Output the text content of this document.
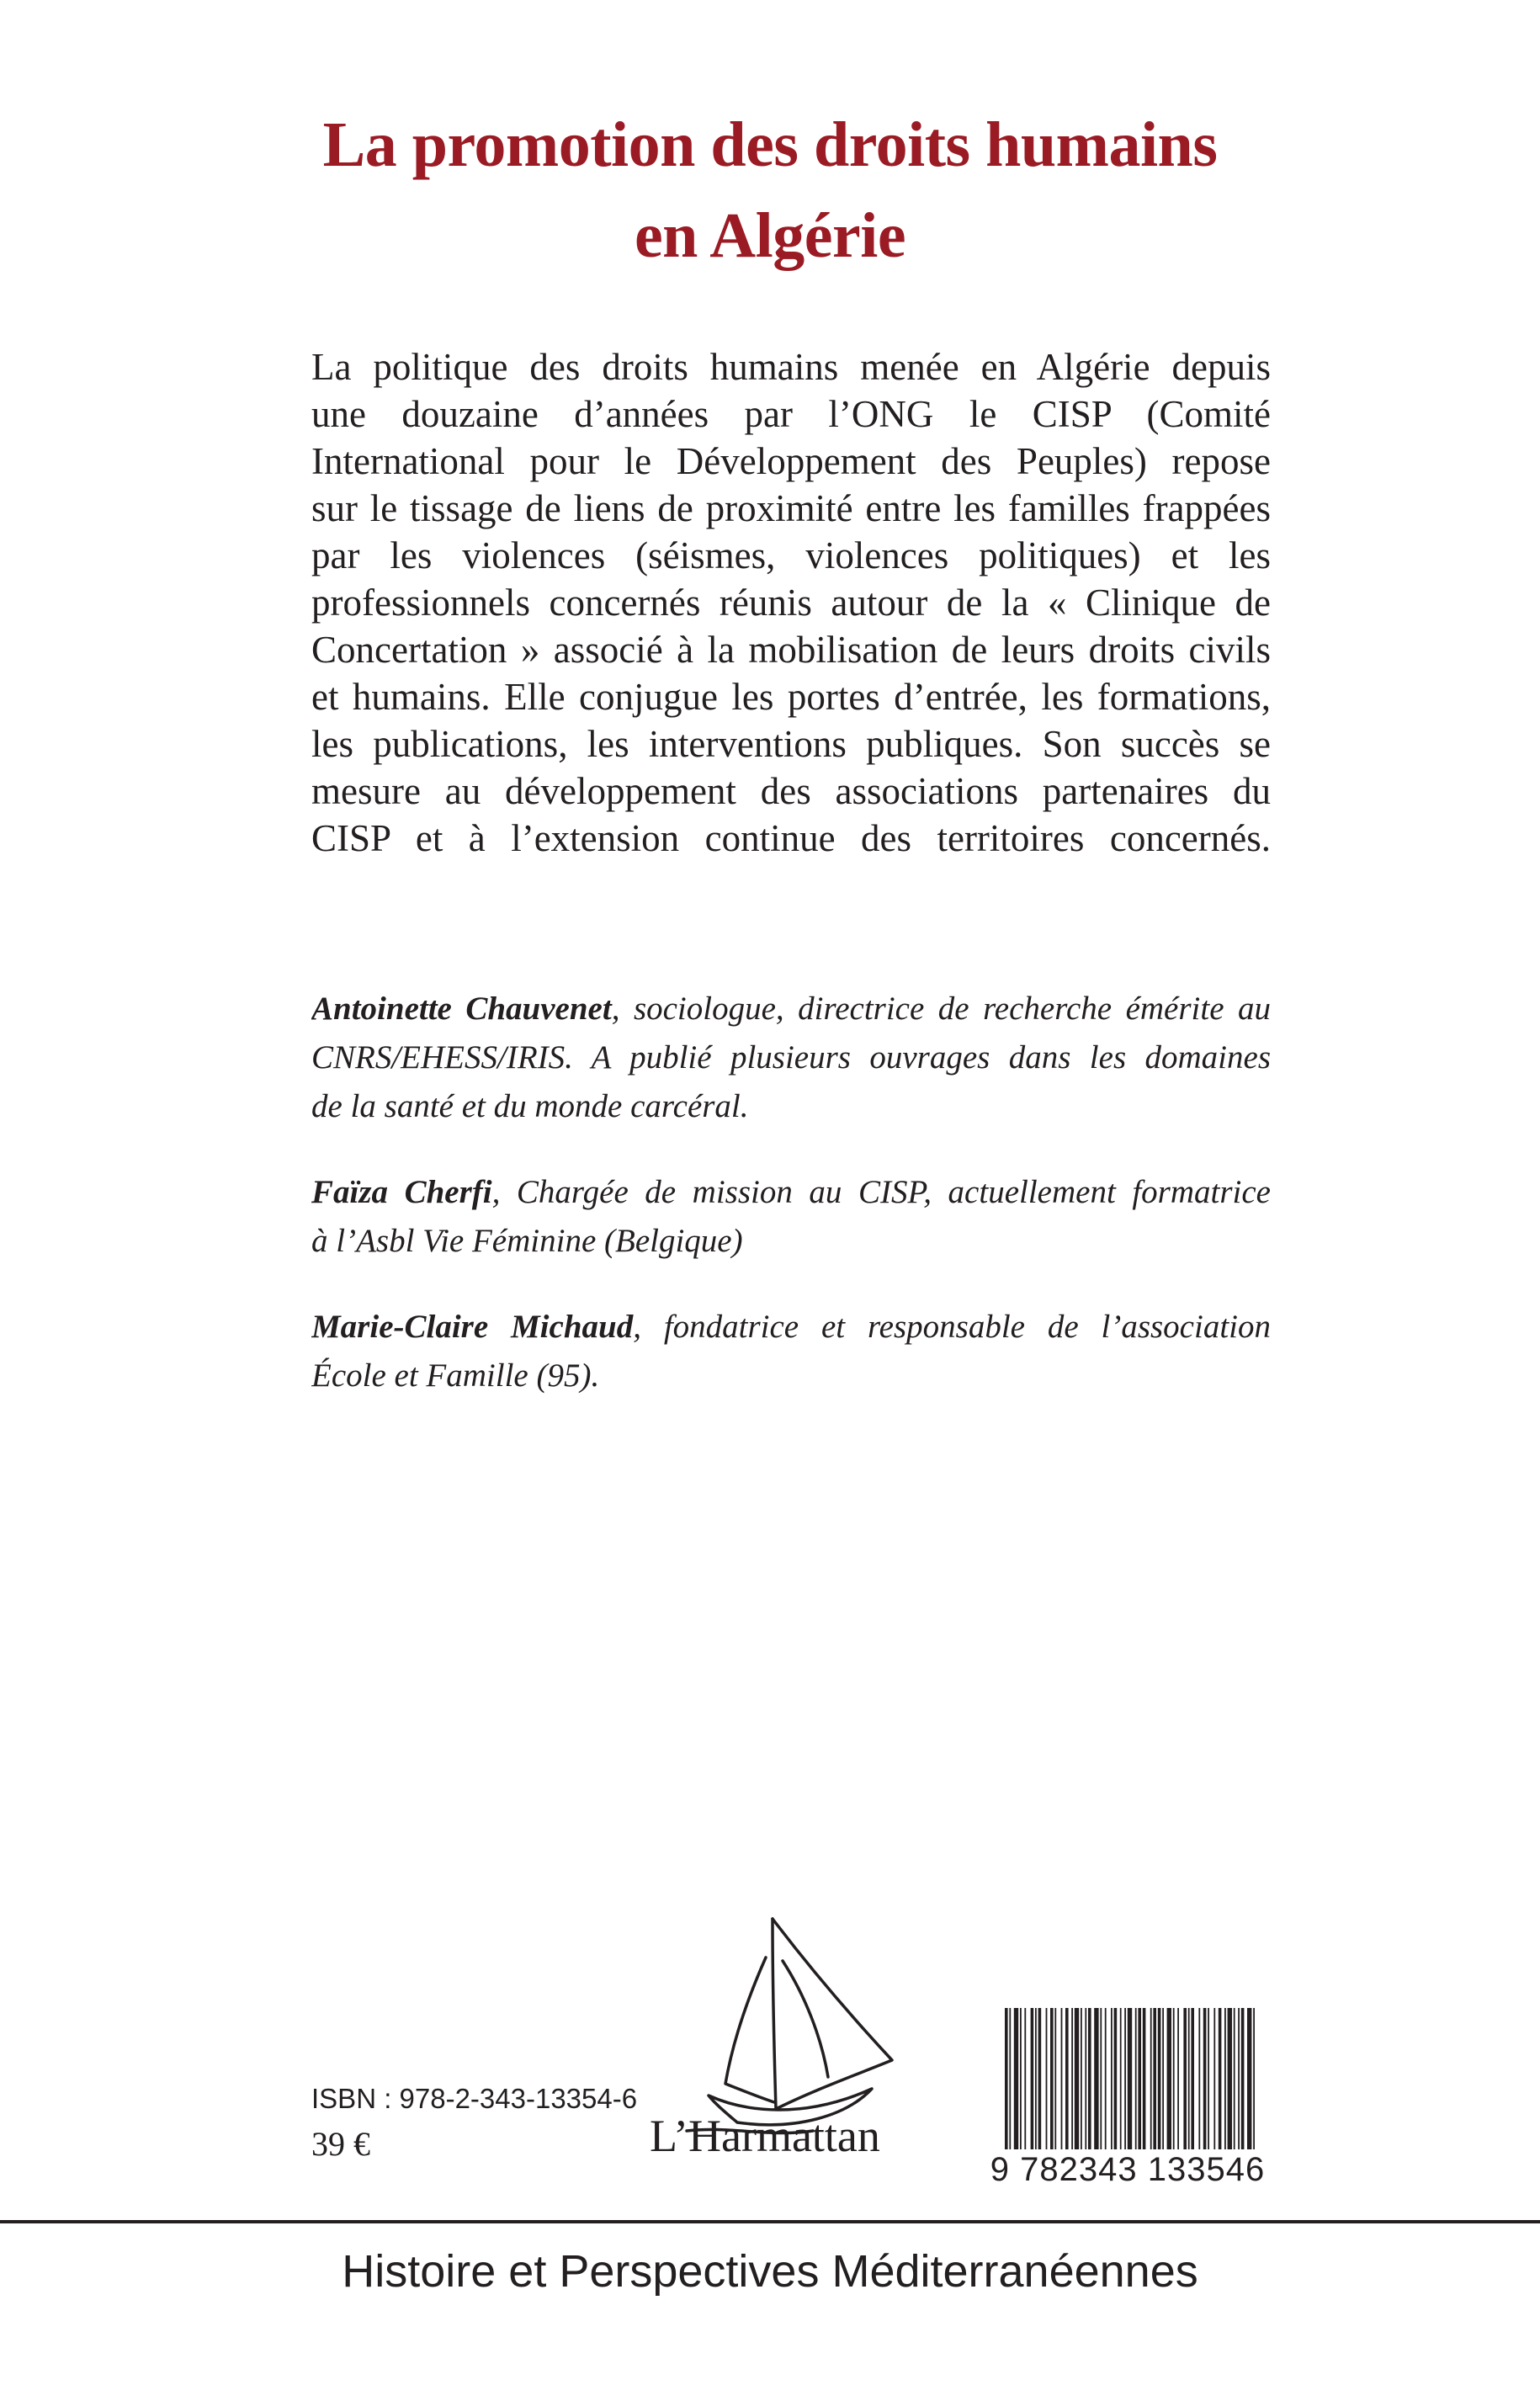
La promotion des droits humains
en Algérie
La politique des droits humains menée en Algérie depuis
une douzaine d’années par l’ONG le CISP (Comité
International pour le Développement des Peuples) repose
sur le tissage de liens de proximité entre les familles frappées
par les violences (séismes, violences politiques) et les
professionnels concernés réunis autour de la « Clinique de
Concertation » associé à la mobilisation de leurs droits civils
et humains. Elle conjugue les portes d’entrée, les formations,
les publications, les interventions publiques. Son succès se
mesure au développement des associations partenaires du
CISP et à l’extension continue des territoires concernés.
Antoinette Chauvenet, sociologue, directrice de recherche émérite au
CNRS/EHESS/IRIS. A publié plusieurs ouvrages dans les domaines
de la santé et du monde carcéral.
Faïza Cherfi, Chargée de mission au CISP, actuellement formatrice
à l’Asbl Vie Féminine (Belgique)
Marie-Claire Michaud, fondatrice et responsable de l’association
École et Famille (95).
L’Harmattan
ISBN : 978-2-343-13354-6
39 €
9 782343 133546
Histoire et Perspectives Méditerranéennes
